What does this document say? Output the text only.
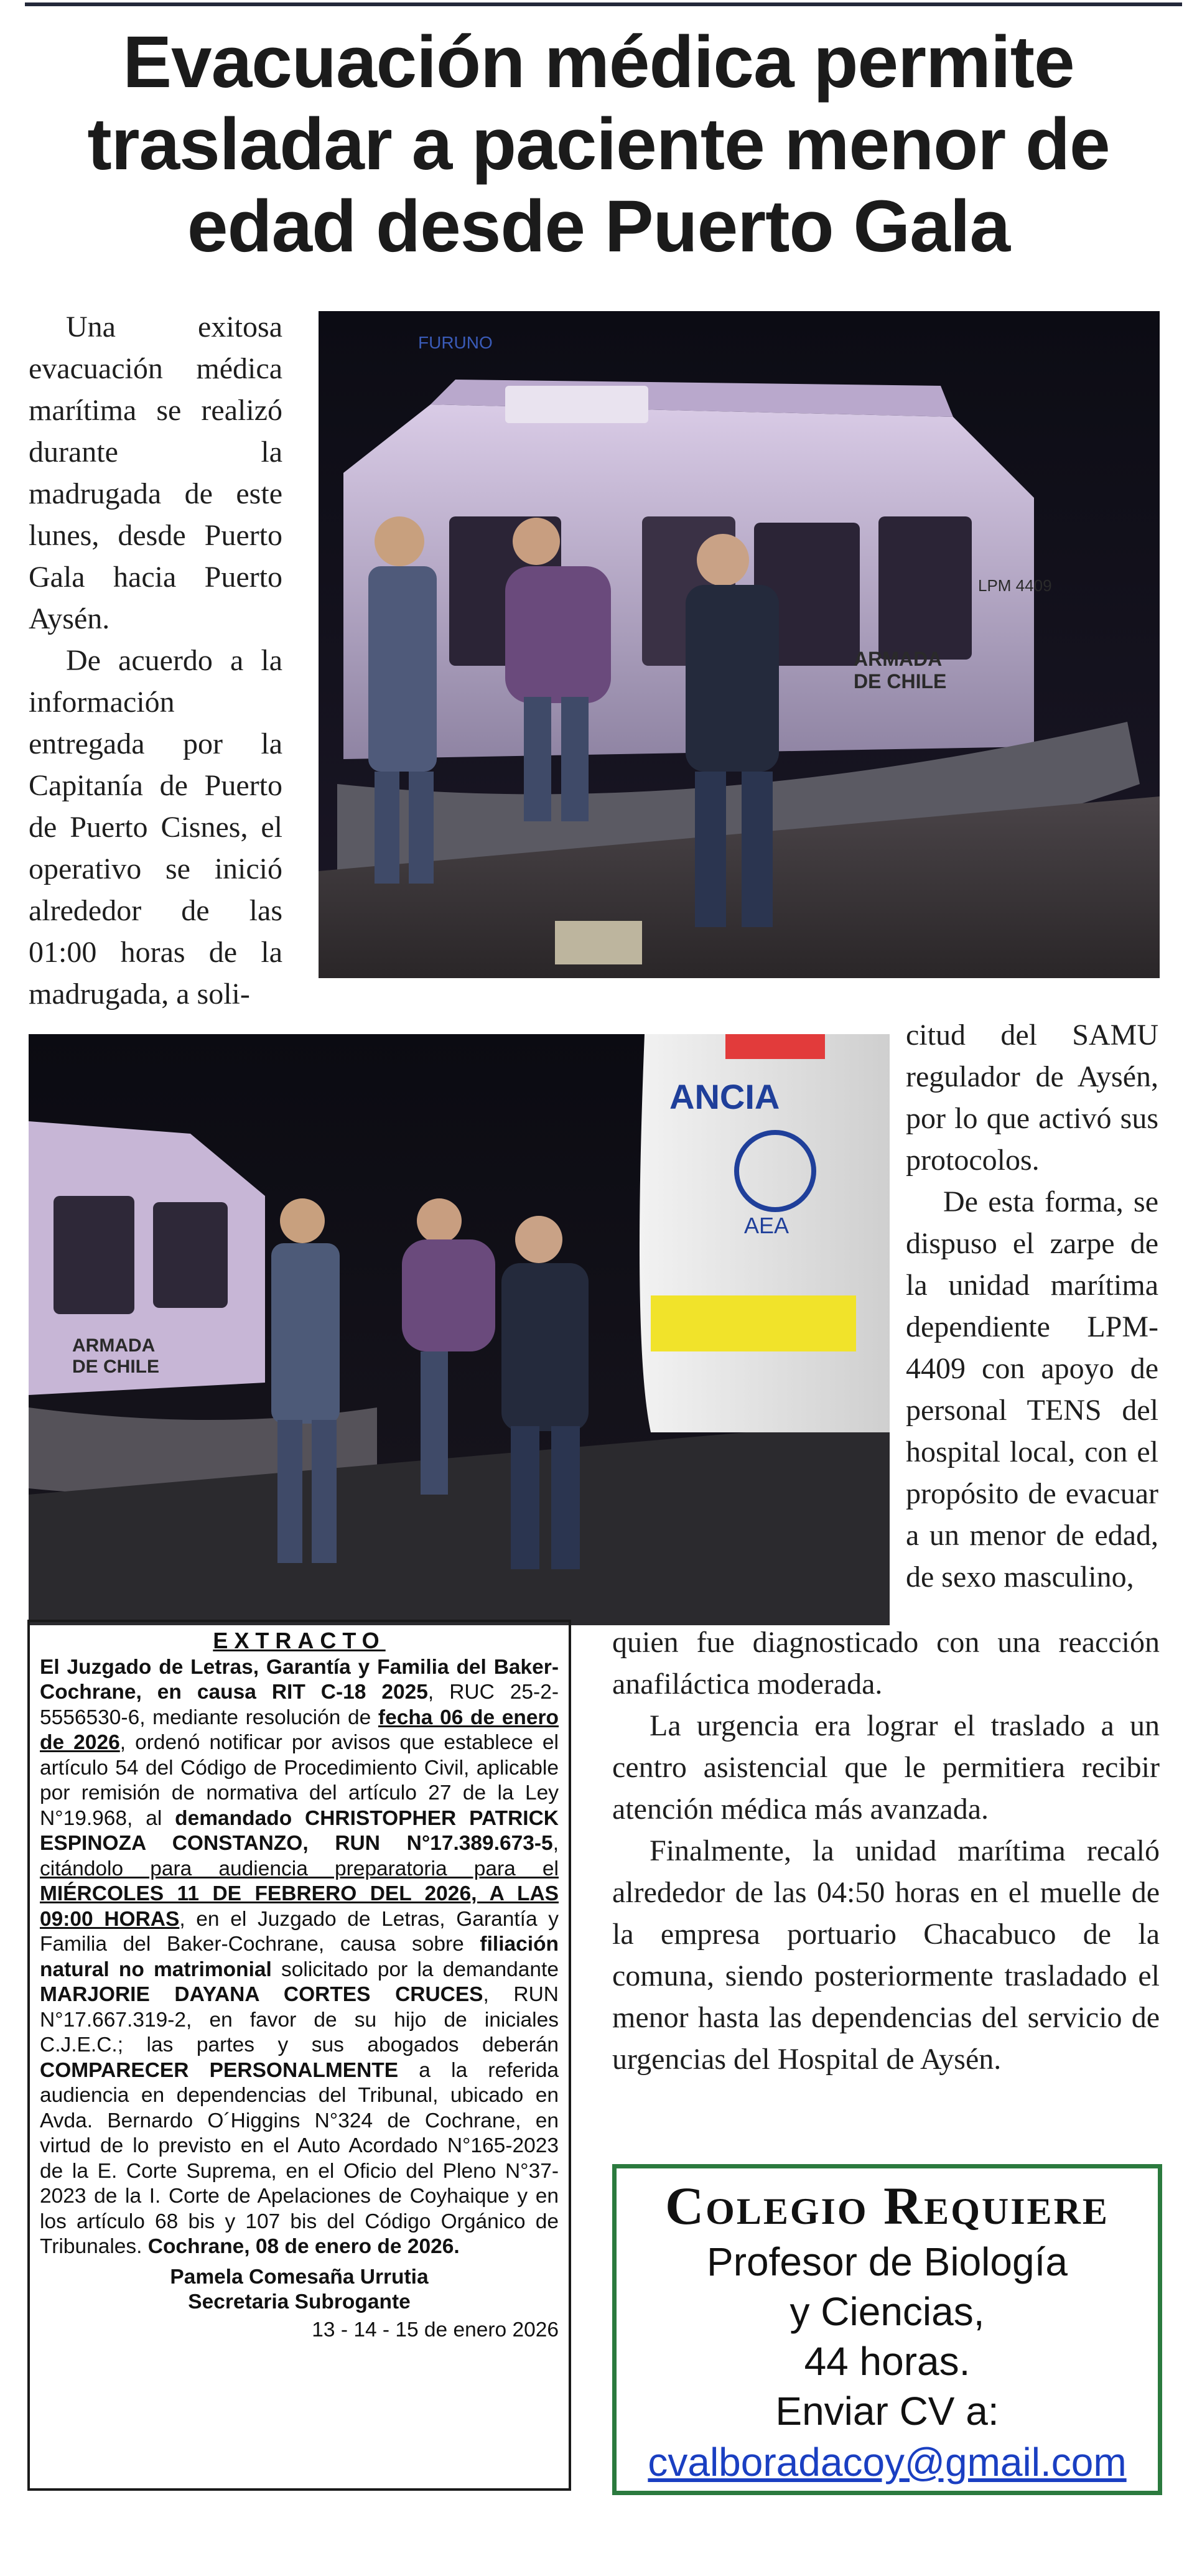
Evacuación médica permite
trasladar a paciente menor de
edad desde Puerto Gala

Una exitosa evacuación médica marítima se realizó durante la madrugada de este lunes, desde Puerto Gala hacia Puerto Aysén.

De acuerdo a la información entregada por la Capitanía de Puerto de Puerto Cisnes, el operativo se inició alrededor de las 01:00 horas de la madrugada, a soli-

ARMADA DE CHILE
LPM 4409
FURUNO
ARMADA DE CHILE
ANCIA
AEA

citud del SAMU regulador de Aysén, por lo que activó sus protocolos.

De esta forma, se dispuso el zarpe de la unidad marítima dependiente LPM-4409 con apoyo de personal TENS del hospital local, con el propósito de evacuar a un menor de edad, de sexo masculino,

quien fue diagnosticado con una reacción anafiláctica moderada.

La urgencia era lograr el traslado a un centro asistencial que le permitiera recibir atención médica más avanzada.

Finalmente, la unidad marítima recaló alrededor de las 04:50 horas en el muelle de la empresa portuario Chacabuco de la comuna, siendo posteriormente trasladado el menor hasta las dependencias del servicio de urgencias del Hospital de Aysén.

EXTRACTO
El Juzgado de Letras, Garantía y Familia del Baker-Cochrane, en causa RIT C-18 2025, RUC 25-2-5556530-6, mediante resolución de fecha 06 de enero de 2026, ordenó notificar por avisos que establece el artículo 54 del Código de Procedimiento Civil, aplicable por remisión de normativa del artículo 27 de la Ley N°19.968, al demandado CHRISTOPHER PATRICK ESPINOZA CONSTANZO, RUN N°17.389.673-5, citándolo para audiencia preparatoria para el MIÉRCOLES 11 DE FEBRERO DEL 2026, A LAS 09:00 HORAS, en el Juzgado de Letras, Garantía y Familia del Baker-Cochrane, causa sobre filiación natural no matrimonial solicitado por la demandante MARJORIE DAYANA CORTES CRUCES, RUN N°17.667.319-2, en favor de su hijo de iniciales C.J.E.C.; las partes y sus abogados deberán COMPARECER PERSONALMENTE a la referida audiencia en dependencias del Tribunal, ubicado en Avda. Bernardo O´Higgins N°324 de Cochrane, en virtud de lo previsto en el Auto Acordado N°165-2023 de la E. Corte Suprema, en el Oficio del Pleno N°37-2023 de la I. Corte de Apelaciones de Coyhaique y en los artículo 68 bis y 107 bis del Código Orgánico de Tribunales. Cochrane, 08 de enero de 2026.
Pamela Comesaña Urrutia
Secretaria Subrogante
13 - 14 - 15 de enero 2026
Colegio Requiere
Profesor de Biología
y Ciencias,
44 horas.
Enviar CV a:
cvalboradacoy@gmail.com
